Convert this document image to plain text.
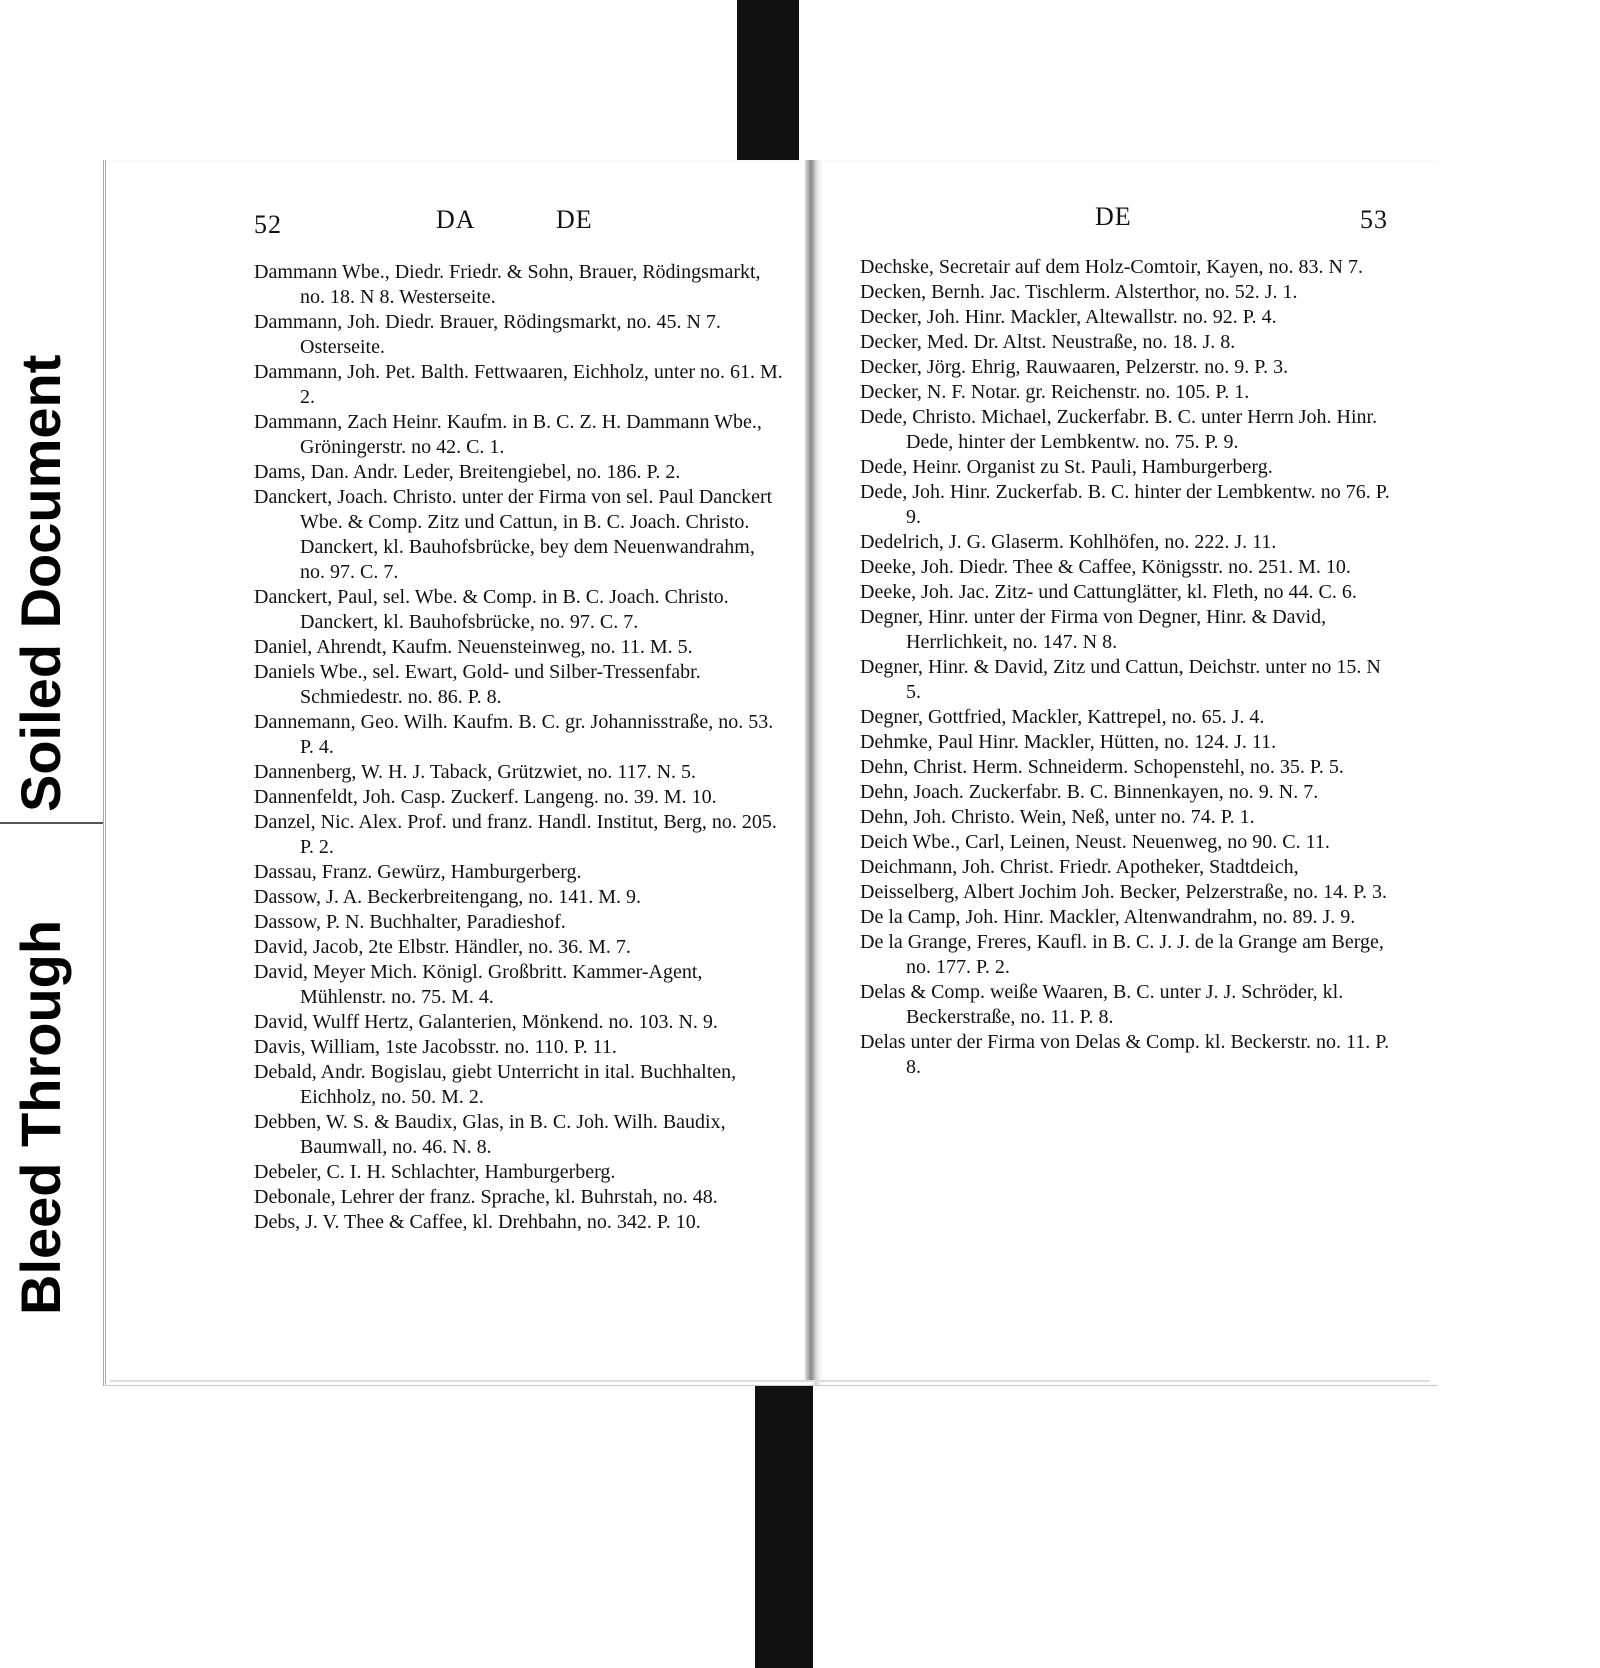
Soiled Document
Bleed Through
52	DA	DE
Dammann Wbe., Diedr. Friedr. & Sohn, Brauer, Rödingsmarkt, no. 18. N 8. Westerseite.
Dammann, Joh. Diedr. Brauer, Rödingsmarkt, no. 45. N 7. Osterseite.
Dammann, Joh. Pet. Balth. Fettwaaren, Eichholz, unter no. 61. M. 2.
Dammann, Zach Heinr. Kaufm. in B. C. Z. H. Dammann Wbe., Gröningerstr. no 42. C. 1.
Dams, Dan. Andr. Leder, Breitengiebel, no. 186. P. 2.
Danckert, Joach. Christo. unter der Firma von sel. Paul Danckert Wbe. & Comp. Zitz und Cattun, in B. C. Joach. Christo. Danckert, kl. Bauhofsbrücke, bey dem Neuenwandrahm, no. 97. C. 7.
Danckert, Paul, sel. Wbe. & Comp. in B. C. Joach. Christo. Danckert, kl. Bauhofsbrücke, no. 97. C. 7.
Daniel, Ahrendt, Kaufm. Neuensteinweg, no. 11. M. 5.
Daniels Wbe., sel. Ewart, Gold- und Silber-Tressenfabr. Schmiedestr. no. 86. P. 8.
Dannemann, Geo. Wilh. Kaufm. B. C. gr. Johannisstraße, no. 53. P. 4.
Dannenberg, W. H. J. Taback, Grützwiet, no. 117. N. 5.
Dannenfeldt, Joh. Casp. Zuckerf. Langeng. no. 39. M. 10.
Danzel, Nic. Alex. Prof. und franz. Handl. Institut, Berg, no. 205. P. 2.
Dassau, Franz. Gewürz, Hamburgerberg.
Dassow, J. A. Beckerbreitengang, no. 141. M. 9.
Dassow, P. N. Buchhalter, Paradieshof.
David, Jacob, 2te Elbstr. Händler, no. 36. M. 7.
David, Meyer Mich. Königl. Großbritt. Kammer-Agent, Mühlenstr. no. 75. M. 4.
David, Wulff Hertz, Galanterien, Mönkend. no. 103. N. 9.
Davis, William, 1ste Jacobsstr. no. 110. P. 11.
Debald, Andr. Bogislau, giebt Unterricht in ital. Buchhalten, Eichholz, no. 50. M. 2.
Debben, W. S. & Baudix, Glas, in B. C. Joh. Wilh. Baudix, Baumwall, no. 46. N. 8.
Debeler, C. I. H. Schlachter, Hamburgerberg.
Debonale, Lehrer der franz. Sprache, kl. Buhrstah, no. 48.
Debs, J. V. Thee & Caffee, kl. Drehbahn, no. 342. P. 10.
DE	53
Dechske, Secretair auf dem Holz-Comtoir, Kayen, no. 83. N 7.
Decken, Bernh. Jac. Tischlerm. Alsterthor, no. 52. J. 1.
Decker, Joh. Hinr. Mackler, Altewallstr. no. 92. P. 4.
Decker, Med. Dr. Altst. Neustraße, no. 18. J. 8.
Decker, Jörg. Ehrig, Rauwaaren, Pelzerstr. no. 9. P. 3.
Decker, N. F. Notar. gr. Reichenstr. no. 105. P. 1.
Dede, Christo. Michael, Zuckerfabr. B. C. unter Herrn Joh. Hinr. Dede, hinter der Lembkentw. no. 75. P. 9.
Dede, Heinr. Organist zu St. Pauli, Hamburgerberg.
Dede, Joh. Hinr. Zuckerfab. B. C. hinter der Lembkentw. no 76. P. 9.
Dedelrich, J. G. Glaserm. Kohlhöfen, no. 222. J. 11.
Deeke, Joh. Diedr. Thee & Caffee, Königsstr. no. 251. M. 10.
Deeke, Joh. Jac. Zitz- und Cattunglätter, kl. Fleth, no 44. C. 6.
Degner, Hinr. unter der Firma von Degner, Hinr. & David, Herrlichkeit, no. 147. N 8.
Degner, Hinr. & David, Zitz und Cattun, Deichstr. unter no 15. N 5.
Degner, Gottfried, Mackler, Kattrepel, no. 65. J. 4.
Dehmke, Paul Hinr. Mackler, Hütten, no. 124. J. 11.
Dehn, Christ. Herm. Schneiderm. Schopenstehl, no. 35. P. 5.
Dehn, Joach. Zuckerfabr. B. C. Binnenkayen, no. 9. N. 7.
Dehn, Joh. Christo. Wein, Neß, unter no. 74. P. 1.
Deich Wbe., Carl, Leinen, Neust. Neuenweg, no 90. C. 11.
Deichmann, Joh. Christ. Friedr. Apotheker, Stadtdeich,
Deisselberg, Albert Jochim Joh. Becker, Pelzerstraße, no. 14. P. 3.
De la Camp, Joh. Hinr. Mackler, Altenwandrahm, no. 89. J. 9.
De la Grange, Freres, Kaufl. in B. C. J. J. de la Grange am Berge, no. 177. P. 2.
Delas & Comp. weiße Waaren, B. C. unter J. J. Schröder, kl. Beckerstraße, no. 11. P. 8.
Delas unter der Firma von Delas & Comp. kl. Beckerstr. no. 11. P. 8.
